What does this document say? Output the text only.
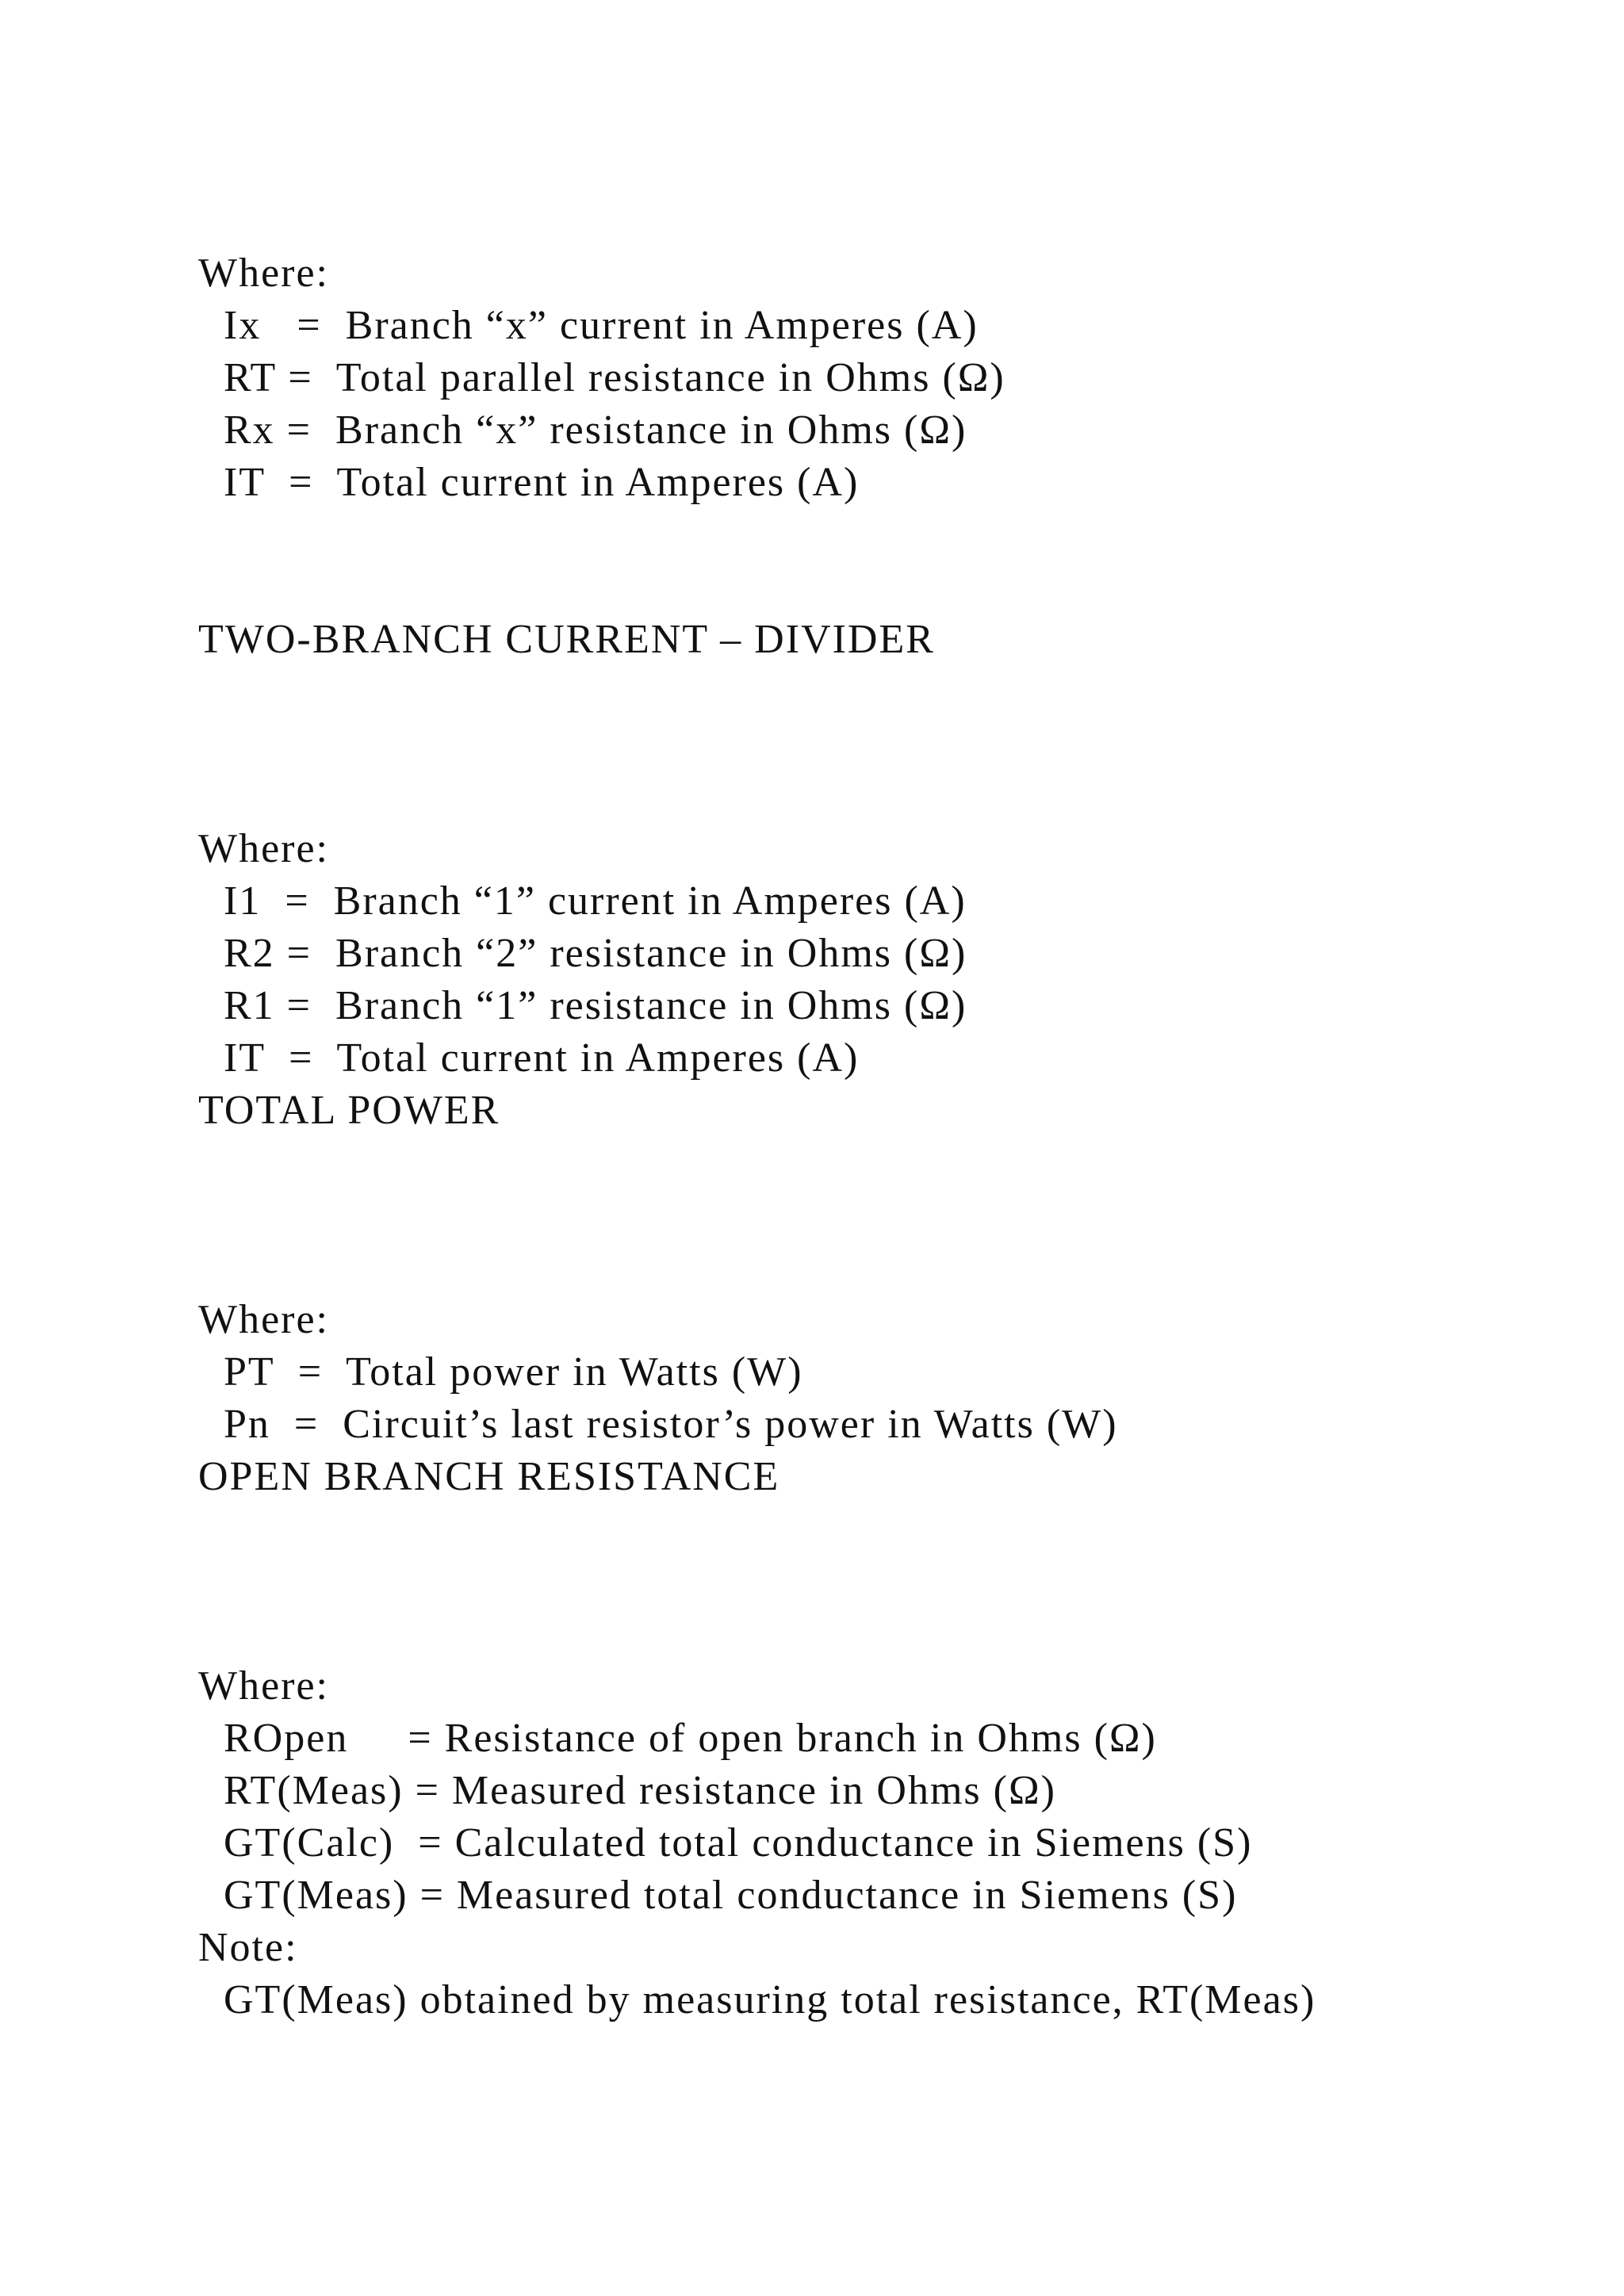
Where:
Ix   =  Branch “x” current in Amperes (A)
RT =  Total parallel resistance in Ohms (Ω)
Rx =  Branch “x” resistance in Ohms (Ω)
IT  =  Total current in Amperes (A)
TWO-BRANCH CURRENT – DIVIDER
Where:
I1  =  Branch “1” current in Amperes (A)
R2 =  Branch “2” resistance in Ohms (Ω)
R1 =  Branch “1” resistance in Ohms (Ω)
IT  =  Total current in Amperes (A)
TOTAL POWER
Where:
PT  =  Total power in Watts (W)
Pn  =  Circuit’s last resistor’s power in Watts (W)
OPEN BRANCH RESISTANCE
Where:
ROpen     = Resistance of open branch in Ohms (Ω)
RT(Meas) = Measured resistance in Ohms (Ω)
GT(Calc)  = Calculated total conductance in Siemens (S)
GT(Meas) = Measured total conductance in Siemens (S)
Note:
GT(Meas) obtained by measuring total resistance, RT(Meas)
